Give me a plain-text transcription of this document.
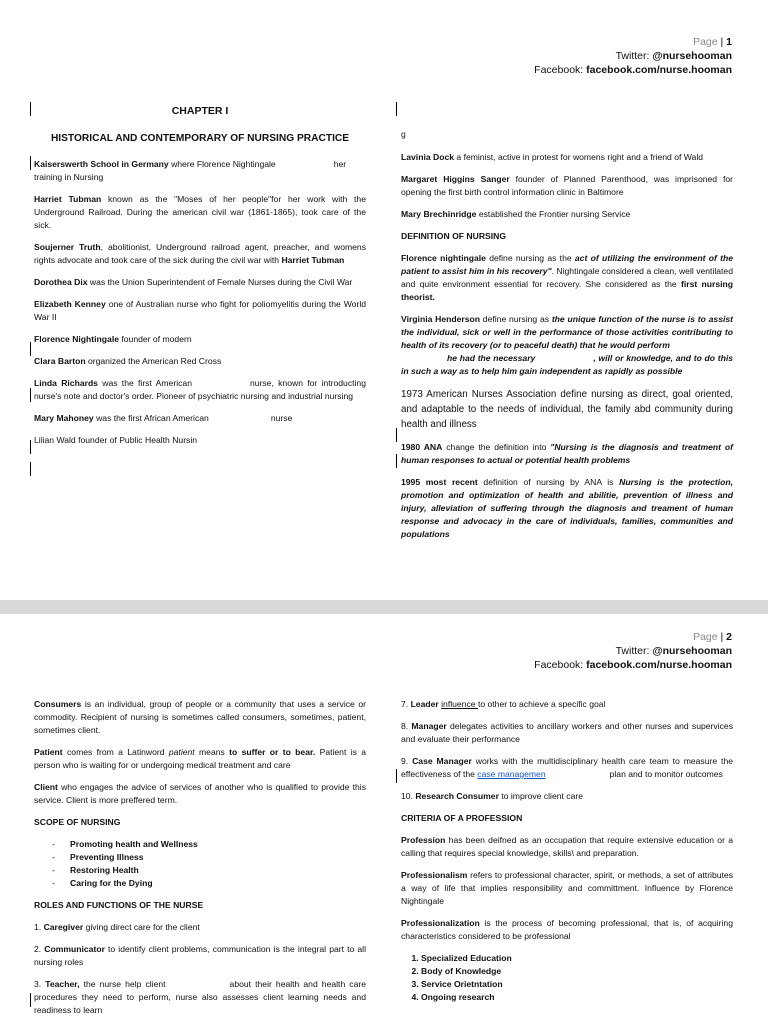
Page | 1
Twitter: @nursehooman
Facebook: facebook.com/nurse.hooman
CHAPTER I
HISTORICAL AND CONTEMPORARY OF NURSING PRACTICE

Kaiserswerth School in Germany where Florence Nightingale	her
training in Nursing

Harriet Tubman known as the "Moses of her people"for her work with the Underground Railroad. During the american civil war (1861-1865), took care of the sick.

Soujerner Truth, abolitionist, Underground railroad agent, preacher, and womens rights advocate and took care of the sick during the civil war with Harriet Tubman

Dorothea Dix was the Union Superintendent of Female Nurses during the Civil War

Elizabeth Kenney one of Australian nurse who fight for poliomyelitis during the World War II

Florence Nightingale founder of modern

Clara Barton organized the American Red Cross

Linda Richards was the first American	nurse, known for introducting nurse's note and doctor's order. Pioneer of psychiatric nursing and industrial nursing

Mary Mahoney was the first African American	nurse

Lilian Wald founder of Public Health Nursin

g

Lavinia Dock a feminist, active in protest for womens right and a friend of Wald

Margaret Higgins Sanger founder of Planned Parenthood, was imprisoned for opening the first birth control information clinic in Baltimore

Mary Brechinridge established the Frontier nursing Service

DEFINITION OF NURSING

Florence nightingale define nursing as the act of utilizing the environment of the patient to assist him in his recovery". Nightingale considered a clean, well ventilated and quite environment essential for recovery. She considered as the first nursing theorist.

Virginia Henderson define nursing as the unique function of the nurse is to assist the individual, sick or well in the performance of those activities contributing to health of its recovery (or to peaceful death) that he would perform
he had the necessary	, will or knowledge, and to do this in such a way as to help him gain independent as rapidly as possible

1973 American Nurses Association define nursing as direct, goal oriented, and adaptable to the needs of individual, the family abd community during health and illness

1980 ANA change the definition into "Nursing is the diagnosis and treatment of human responses to actual or potential health problems

1995 most recent definition of nursing by ANA is Nursing is the protection, promotion and optimization of health and abilitie, prevention of illness and injury, alleviation of suffering through the diagnosis and treament of human response and advocacy in the care of individuals, families, communities and populations

Page | 2
Twitter: @nursehooman
Facebook: facebook.com/nurse.hooman

Consumers is an individual, group of people or a community that uses a service or commodity. Recipient of nursing is sometimes called consumers, sometimes, patient, sometimes client.

Patient comes from a Latinword patient means to suffer or to bear. Patient is a person who is waiting for or undergoing medical treatment and care

Client who engages the advice of services of another who is qualified to provide this service. Client is more preffered term.

SCOPE OF NURSING

- Promoting health and Wellness
- Preventing Illness
- Restoring Health
- Caring for the Dying

ROLES AND FUNCTIONS OF THE NURSE

1. Caregiver giving direct care for the client

2. Communicator to identify client problems, communication is the integral part to all nursing roles

3. Teacher, the nurse help client	about their health and health care procedures they need to perform, nurse also assesses client learning needs and readiness to learn

7. Leader influence to other to achieve a specific goal

8. Manager delegates activities to ancillary workers and other nurses and supervices and evaluate their performance

9. Case Manager works with the multidisciplinary health care team to measure the effectiveness of the case managemen	plan and to monitor outcomes

10. Research Consumer to improve client care

CRITERIA OF A PROFESSION

Profession has been deifned as an occupation that require extensive education or a calling that requires special knowledge, skills\ and preparation.

Professionalism refers to professional character, spirit, or methods, a set of attributes a way of life that implies responsibility and committment. Influence by Florence Nightingale

Professionalization is the process of becoming professional, that is, of acquiring characteristics considered to be professional

1. Specialized Education
2. Body of Knowledge
3. Service Orietntation
4. Ongoing research
